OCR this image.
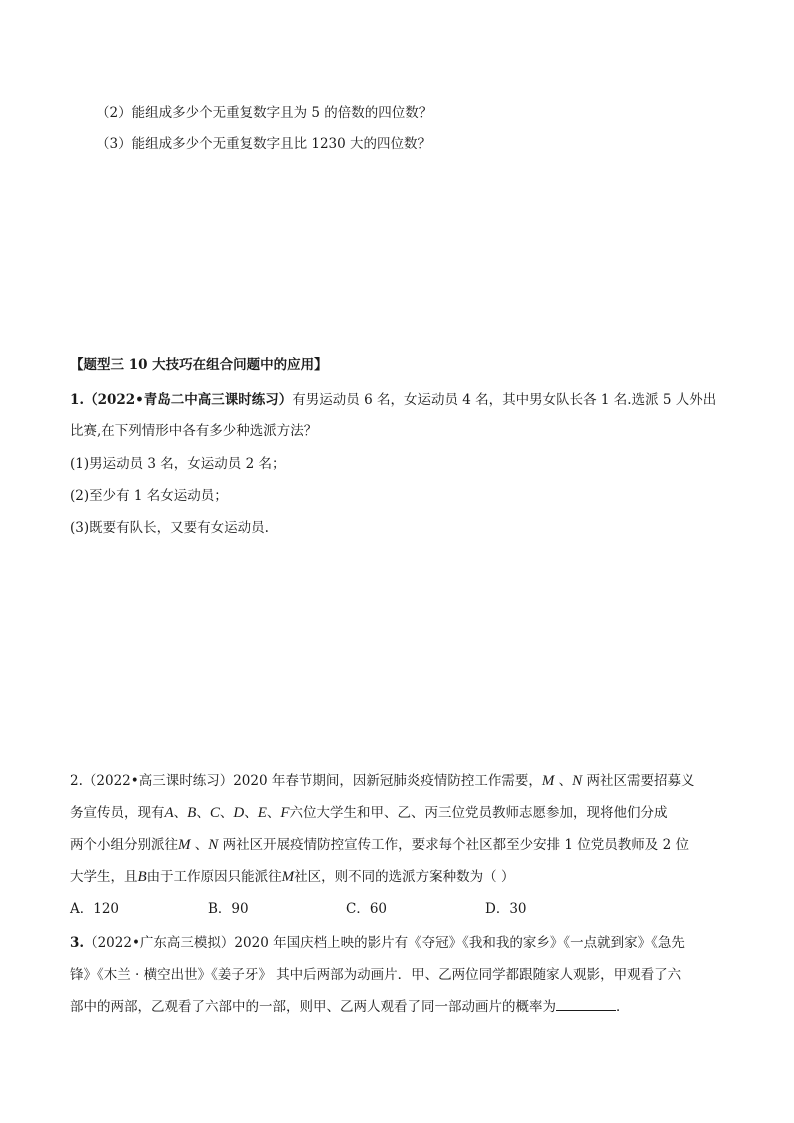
（2）能组成多少个无重复数字且为 5 的倍数的四位数？
（3）能组成多少个无重复数字且比 1230 大的四位数？
【题型三 10 大技巧在组合问题中的应用】
1.（2022•青岛二中高三课时练习）有男运动员 6 名，女运动员 4 名，其中男女队长各 1 名.选派 5 人外出
比赛,在下列情形中各有多少种选派方法？
(1)男运动员 3 名，女运动员 2 名；
(2)至少有 1 名女运动员；
(3)既要有队长，又要有女运动员.
2.（2022•高三课时练习）2020 年春节期间，因新冠肺炎疫情防控工作需要，M 、N 两社区需要招募义
务宣传员，现有A、B、C、D、E、F六位大学生和甲、乙、丙三位党员教师志愿参加，现将他们分成
两个小组分别派往M 、N 两社区开展疫情防控宣传工作，要求每个社区都至少安排 1 位党员教师及 2 位
大学生，且B由于工作原因只能派往M社区，则不同的选派方案种数为（ ）
A．120	B．90	C．60	D．30
3.（2022•广东高三模拟）2020 年国庆档上映的影片有《夺冠》《我和我的家乡》《一点就到家》《急先
锋》《木兰 · 横空出世》《姜子牙》 其中后两部为动画片．甲、乙两位同学都跟随家人观影，甲观看了六
部中的两部，乙观看了六部中的一部，则甲、乙两人观看了同一部动画片的概率为	．
